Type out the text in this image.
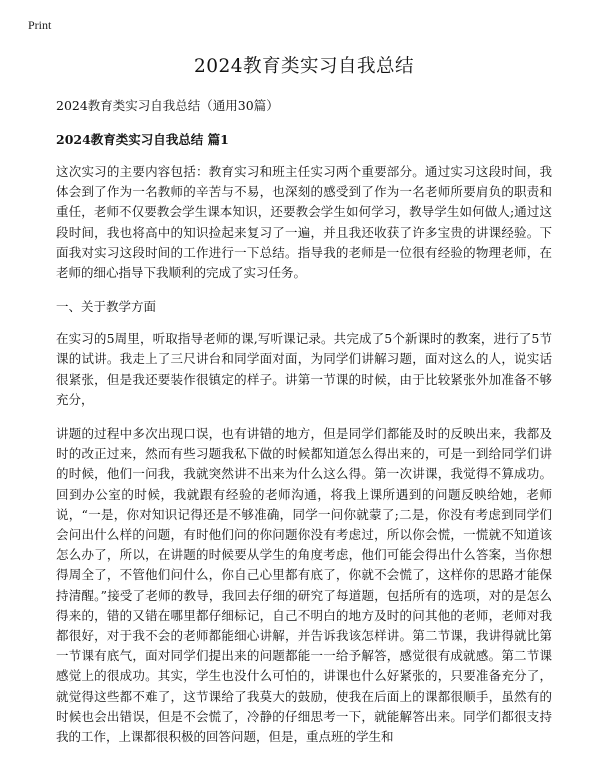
Print
2024教育类实习自我总结

2024教育类实习自我总结（通用30篇）

2024教育类实习自我总结 篇1

这次实习的主要内容包括：教育实习和班主任实习两个重要部分。通过实习这段时间，我体会到了作为一名教师的辛苦与不易，也深刻的感受到了作为一名老师所要肩负的职责和重任，老师不仅要教会学生课本知识，还要教会学生如何学习，教导学生如何做人;通过这段时间，我也将高中的知识捡起来复习了一遍，并且我还收获了许多宝贵的讲课经验。下面我对实习这段时间的工作进行一下总结。指导我的老师是一位很有经验的物理老师，在老师的细心指导下我顺利的完成了实习任务。

一、关于教学方面

在实习的5周里，听取指导老师的课,写听课记录。共完成了5个新课时的教案，进行了5节课的试讲。我走上了三尺讲台和同学面对面，为同学们讲解习题，面对这么的人，说实话很紧张，但是我还要装作很镇定的样子。讲第一节课的时候，由于比较紧张外加准备不够充分，

讲题的过程中多次出现口误，也有讲错的地方，但是同学们都能及时的反映出来，我都及时的改正过来，然而有些习题我私下做的时候都知道怎么得出来的，可是一到给同学们讲的时候，他们一问我，我就突然讲不出来为什么这么得。第一次讲课，我觉得不算成功。回到办公室的时候，我就跟有经验的老师沟通，将我上课所遇到的问题反映给她，老师说，“一是，你对知识记得还是不够准确，同学一问你就蒙了;二是，你没有考虑到同学们会问出什么样的问题，有时他们问的你问题你没有考虑过，所以你会慌，一慌就不知道该怎么办了，所以，在讲题的时候要从学生的角度考虑，他们可能会得出什么答案，当你想得周全了，不管他们问什么，你自己心里都有底了，你就不会慌了，这样你的思路才能保持清醒。”接受了老师的教导，我回去仔细的研究了每道题，包括所有的选项，对的是怎么得来的，错的又错在哪里都仔细标记，自己不明白的地方及时的问其他的老师，老师对我都很好，对于我不会的老师都能细心讲解，并告诉我该怎样讲。第二节课，我讲得就比第一节课有底气，面对同学们提出来的问题都能一一给予解答，感觉很有成就感。第二节课感觉上的很成功。其实，学生也没什么可怕的，讲课也什么好紧张的，只要准备充分了，就觉得这些都不难了，这节课给了我莫大的鼓励，使我在后面上的课都很顺手，虽然有的时候也会出错误，但是不会慌了，冷静的仔细思考一下，就能解答出来。同学们都很支持我的工作，上课都很积极的回答问题，但是，重点班的学生和
